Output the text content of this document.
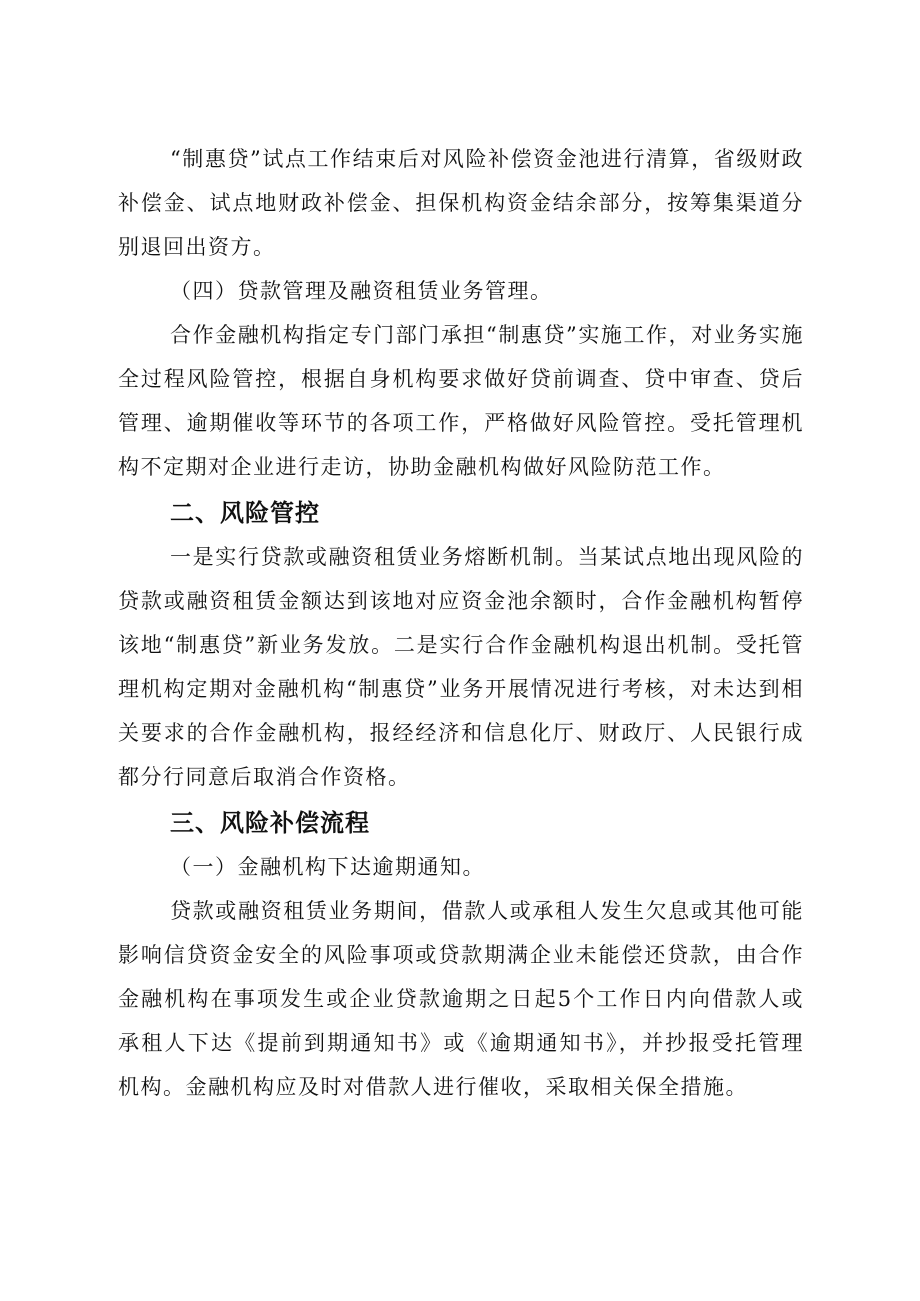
“制惠贷”试点工作结束后对风险补偿资金池进行清算，省级财政补偿金、试点地财政补偿金、担保机构资金结余部分，按筹集渠道分别退回出资方。

（四）贷款管理及融资租赁业务管理。

合作金融机构指定专门部门承担“制惠贷”实施工作，对业务实施全过程风险管控，根据自身机构要求做好贷前调查、贷中审查、贷后管理、逾期催收等环节的各项工作，严格做好风险管控。受托管理机构不定期对企业进行走访，协助金融机构做好风险防范工作。

二、风险管控

一是实行贷款或融资租赁业务熔断机制。当某试点地出现风险的贷款或融资租赁金额达到该地对应资金池余额时，合作金融机构暂停该地“制惠贷”新业务发放。二是实行合作金融机构退出机制。受托管理机构定期对金融机构“制惠贷”业务开展情况进行考核，对未达到相关要求的合作金融机构，报经经济和信息化厅、财政厅、人民银行成都分行同意后取消合作资格。

三、风险补偿流程

（一）金融机构下达逾期通知。

贷款或融资租赁业务期间，借款人或承租人发生欠息或其他可能影响信贷资金安全的风险事项或贷款期满企业未能偿还贷款，由合作金融机构在事项发生或企业贷款逾期之日起5个工作日内向借款人或承租人下达《提前到期通知书》或《逾期通知书》，并抄报受托管理机构。金融机构应及时对借款人进行催收，采取相关保全措施。
